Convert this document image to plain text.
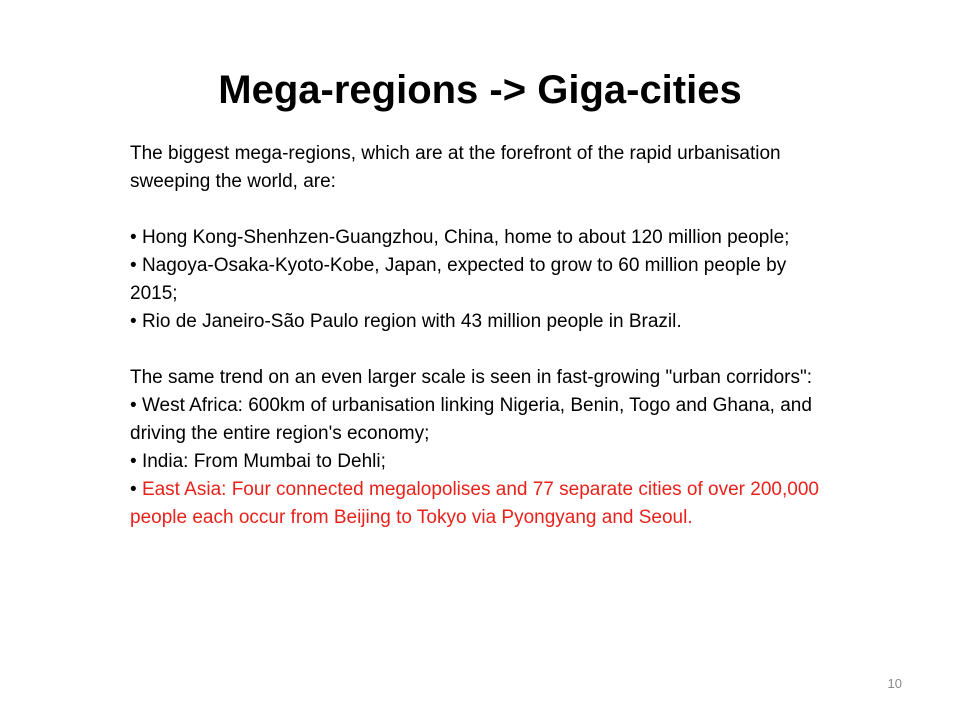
Mega-regions -> Giga-cities

The biggest mega-regions, which are at the forefront of the rapid urbanisation sweeping the world, are:

• Hong Kong-Shenhzen-Guangzhou, China, home to about 120 million people;

• Nagoya-Osaka-Kyoto-Kobe, Japan, expected to grow to 60 million people by 2015;

• Rio de Janeiro-São Paulo region with 43 million people in Brazil.

The same trend on an even larger scale is seen in fast-growing "urban corridors":

• West Africa: 600km of urbanisation linking Nigeria, Benin, Togo and Ghana, and driving the entire region's economy;

• India: From Mumbai to Dehli;

• East Asia: Four connected megalopolises and 77 separate cities of over 200,000 people each occur from Beijing to Tokyo via Pyongyang and Seoul.

10
